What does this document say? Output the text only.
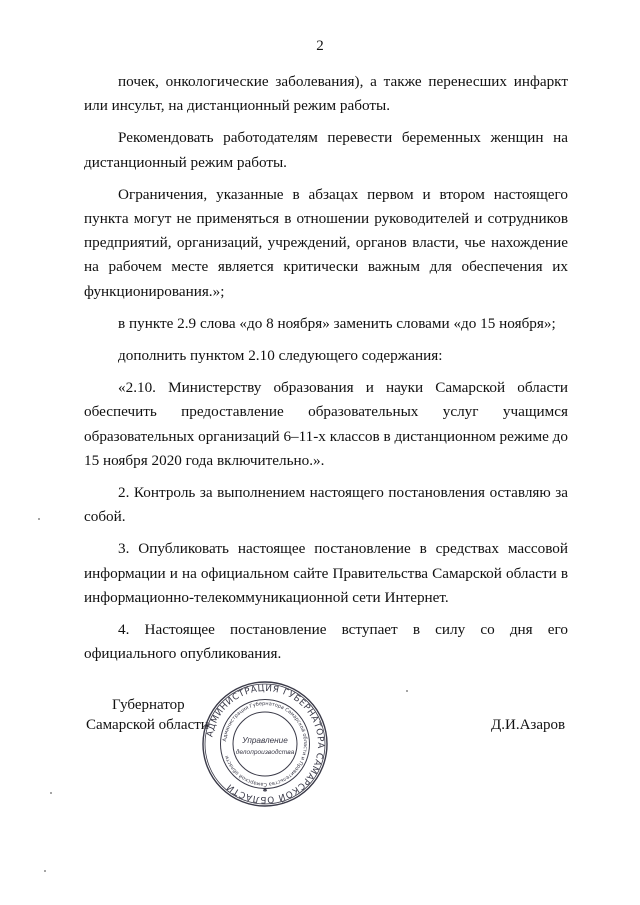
2

почек, онкологические заболевания), а также перенесших инфаркт или инсульт, на дистанционный режим работы.

Рекомендовать работодателям перевести беременных женщин на дистанционный режим работы.

Ограничения, указанные в абзацах первом и втором настоящего пункта могут не применяться в отношении руководителей и сотрудников предприятий, организаций, учреждений, органов власти, чье нахождение на рабочем месте является критически важным для обеспечения их функционирования.»;

в пункте 2.9 слова «до 8 ноября» заменить словами «до 15 ноября»;

дополнить пунктом 2.10 следующего содержания:

«2.10. Министерству образования и науки Самарской области обеспечить предоставление образовательных услуг учащимся образовательных организаций 6–11-х классов в дистанционном режиме до 15 ноября 2020 года включительно.».

2. Контроль за выполнением настоящего постановления оставляю за собой.

3. Опубликовать настоящее постановление в средствах массовой информации и на официальном сайте Правительства Самарской области в информационно-телекоммуникационной сети Интернет.

4. Настоящее постановление вступает в силу со дня его официального опубликования.

Губернатор
Самарской области
АДМИНИСТРАЦИЯ ГУБЕРНАТОРА САМАРСКОЙ ОБЛАСТИ
Администрация Губернатора Самарской области и Правительства Самарской области
Управление
делопроизводства
✱
Д.И.Азаров
